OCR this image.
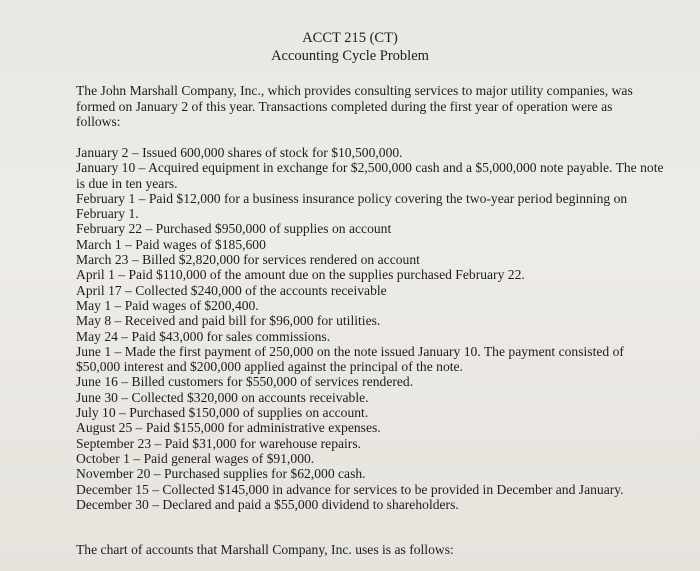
ACCT 215 (CT)
Accounting Cycle Problem
The John Marshall Company, Inc., which provides consulting services to major utility companies, was formed on January 2 of this year. Transactions completed during the first year of operation were as follows:
January 2 – Issued 600,000 shares of stock for $10,500,000.
January 10 – Acquired equipment in exchange for $2,500,000 cash and a $5,000,000 note payable. The note is due in ten years.
February 1 – Paid $12,000 for a business insurance policy covering the two-year period beginning on February 1.
February 22 – Purchased $950,000 of supplies on account
March 1 – Paid wages of $185,600
March 23 – Billed $2,820,000 for services rendered on account
April 1 – Paid $110,000 of the amount due on the supplies purchased February 22.
April 17 – Collected $240,000 of the accounts receivable
May 1 – Paid wages of $200,400.
May 8 – Received and paid bill for $96,000 for utilities.
May 24 – Paid $43,000 for sales commissions.
June 1 – Made the first payment of 250,000 on the note issued January 10. The payment consisted of $50,000 interest and $200,000 applied against the principal of the note.
June 16 – Billed customers for $550,000 of services rendered.
June 30 – Collected $320,000 on accounts receivable.
July 10 – Purchased $150,000 of supplies on account.
August 25 – Paid $155,000 for administrative expenses.
September 23 – Paid $31,000 for warehouse repairs.
October 1 – Paid general wages of $91,000.
November 20 – Purchased supplies for $62,000 cash.
December 15 – Collected $145,000 in advance for services to be provided in December and January.
December 30 – Declared and paid a $55,000 dividend to shareholders.
The chart of accounts that Marshall Company, Inc. uses is as follows:
